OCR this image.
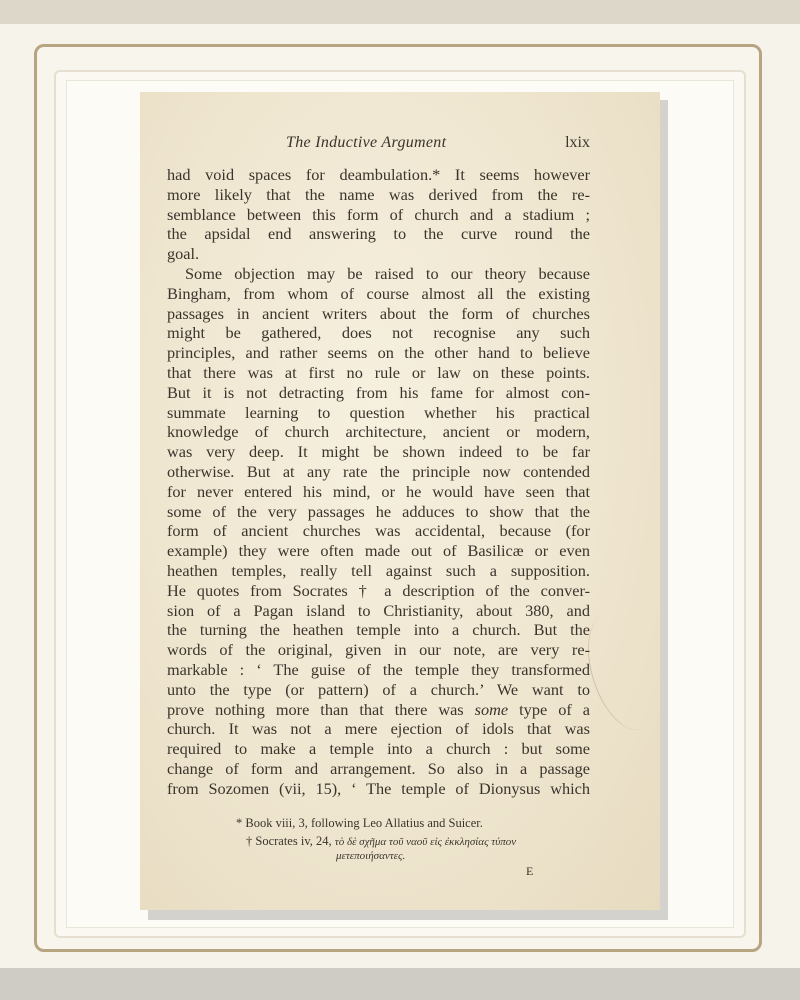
The Inductive Argument	lxix
had void spaces for deambulation.* It seems however
more likely that the name was derived from the re-
semblance between this form of church and a stadium ;
the apsidal end answering to the curve round the
goal.
Some objection may be raised to our theory because
Bingham, from whom of course almost all the existing
passages in ancient writers about the form of churches
might be gathered, does not recognise any such
principles, and rather seems on the other hand to believe
that there was at first no rule or law on these points.
But it is not detracting from his fame for almost con-
summate learning to question whether his practical
knowledge of church architecture, ancient or modern,
was very deep. It might be shown indeed to be far
otherwise. But at any rate the principle now contended
for never entered his mind, or he would have seen that
some of the very passages he adduces to show that the
form of ancient churches was accidental, because (for
example) they were often made out of Basilicæ or even
heathen temples, really tell against such a supposition.
He quotes from Socrates † a description of the conver-
sion of a Pagan island to Christianity, about 380, and
the turning the heathen temple into a church. But the
words of the original, given in our note, are very re-
markable : ‘ The guise of the temple they transformed
unto the type (or pattern) of a church.’ We want to
prove nothing more than that there was some type of a
church. It was not a mere ejection of idols that was
required to make a temple into a church : but some
change of form and arrangement. So also in a passage
from Sozomen (vii, 15), ‘ The temple of Dionysus which
* Book viii, 3, following Leo Allatius and Suicer.
† Socrates iv, 24, τὸ δὲ σχῆμα τοῦ ναοῦ εἰς ἐκκλησίας τύπον
μετεποιήσαντες.
E
